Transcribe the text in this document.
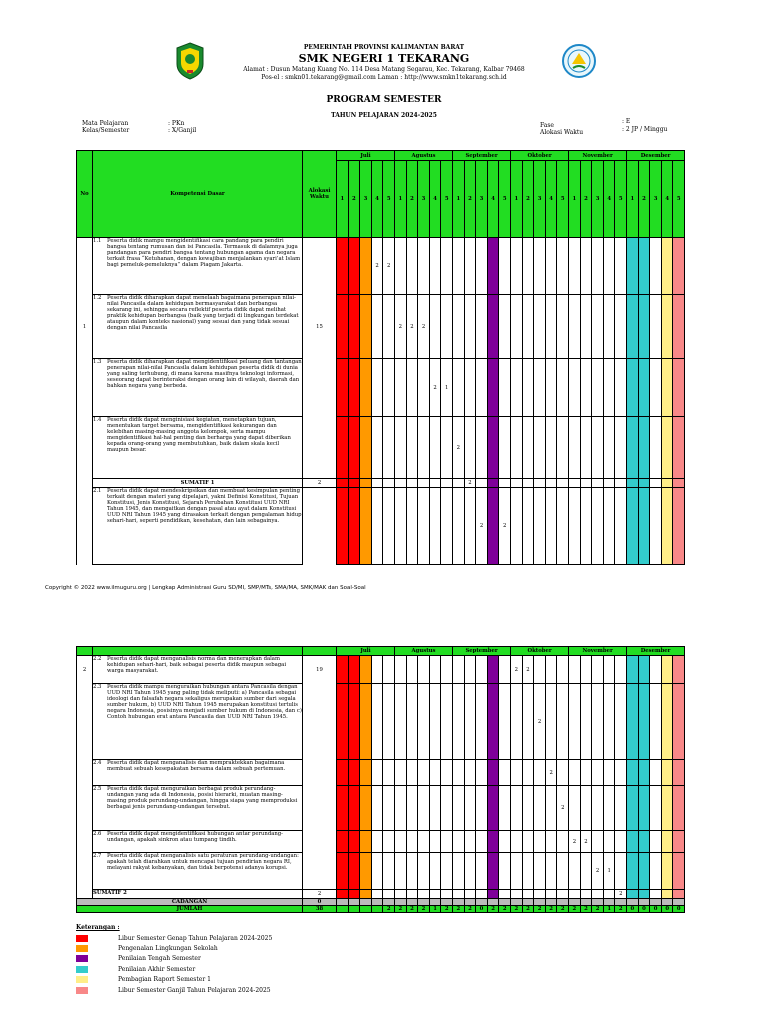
PEMERINTAH PROVINSI KALIMANTAN BARAT
SMK NEGERI 1 TEKARANG
Alamat : Dusun Matang Kuang No. 114 Desa Matang Segarau, Kec. Tekarang, Kalbar 79468
Pos-el : smkn01.tekarang@gmail.com Laman : http://www.smkn1tekarang.sch.id
PROGRAM SEMESTER
TAHUN PELAJARAN 2024-2025
Mata Pelajaran	: PKn
Kelas/Semester	: X/Ganjil
Fase
: E
Alokasi Waktu	: 2 JP / Minggu
No	Kompetensi Dasar	Alokasi Waktu	Juli					Agustus					September					Oktober					November					Desember				
			1	2	3	4	5	1	2	3	4	5	1	2	3	4	5	1	2	3	4	5	1	2	3	4	5	1	2	3	4	5

	1.1 Peserta didik mampu mengidentifikasi cara pandang para pendiri bangsa tentang rumusan dan isi Pancasila. Termasuk di dalamnya juga pandangan para pendiri bangsa tentang hubungan agama dan negara terkait frasa “Ketuhanan, dengan kewajiban menjalankan syari’at Islam bagi pemeluk-pemeluknya” dalam Piagam Jakarta.					2	2																									
1	1.2 Peserta didik diharapkan dapat menelaah bagaimana penerapan nilai-nilai Pancasila dalam kehidupan bermasyarakat dan berbangsa sekarang ini, sehingga secara reflektif peserta didik dapat melihat praktik kehidupan berbangsa (baik yang terjadi di lingkungan terdekat ataupun dalam konteks nasional) yang sesuai dan yang tidak sesuai dengan nilai Pancasila	15						2	2	2																						

	1.3 Peserta didik diharapkan dapat mengidentifikasi peluang dan tantangan penerapan nilai-nilai Pancasila dalam kehidupan peserta didik di dunia yang saling terhubung, di mana karena masifnya teknologi informasi, seseorang dapat berinteraksi dengan orang lain di wilayah, daerah dan bahkan negara yang berbeda.										2	1																				

	1.4 Peserta didik dapat menginisiasi kegiatan, menetapkan tujuan, menentukan target bersama, mengidentifikasi kekurangan dan kelebihan masing-masing anggota kelompok, serta mampu mengidentifikasi hal-hal penting dan berharga yang dapat diberikan kepada orang-orang yang membutuhkan, baik dalam skala kecil maupun besar.												2																			
	SUMATIF 1	2												2																		

	2.1 Peserta didik dapat mendeskripsikan dan membuat kesimpulan penting terkait dengan materi yang dipelajari, yakni Definisi Konstitusi, Tujuan Konstitusi, Jenis Konstitusi, Sejarah Perubahan Konstitusi UUD NRI Tahun 1945, dan mengaitkan dengan pasal atau ayat dalam Konstitusi UUD NRI Tahun 1945 yang dirasakan terkait dengan pengalaman hidup sehari-hari, seperti pendidikan, kesehatan, dan lain sebagainya.														2		2															
Copyright © 2022 www.ilmuguru.org | Lengkap Administrasi Guru SD/MI, SMP/MTs, SMA/MA, SMK/MAK dan Soal-Soal
			Juli					Agustus					September					Oktober					November					Desember				
2	2.2 Peserta didik dapat menganalisis norma dan menerapkan dalam kehidupan sehari-hari, baik sebagai peserta didik maupun sebagai warga masyarakat.	19																2	2													

	2.3 Peserta didik mampu menguraikan hubungan antara Pancasila dengan UUD NRI Tahun 1945 yang paling tidak meliputi: a) Pancasila sebagai ideologi dan falsafah negara sekaligus merupakan sumber dari segala sumber hukum, b) UUD NRI Tahun 1945 merupakan konstitusi tertulis negara Indonesia, posisinya menjadi sumber hukum di Indonesia, dan c) Contoh hubungan erat antara Pancasila dan UUD NRI Tahun 1945.																			2												

	2.4 Peserta didik dapat menganalisis dan mempraktekkan bagaimana membuat sebuah kesepakatan bersama dalam sebuah pertemuan.																				2											

	2.5 Peserta didik dapat menguraikan berbagai produk perundang-undangan yang ada di Indonesia, posisi hierarki, muatan masing-masing produk perundang-undangan, hingga siapa yang memproduksi berbagai jenis perundang-undangan tersebut.																					2										

	2.6 Peserta didik dapat mengidentifikasi hubungan antar perundang-undangan, apakah sinkron atau tumpang tindih.																						2	2								

	2.7 Peserta didik dapat menganalisis satu peraturan perundang-undangan: apakah telah diarahkan untuk mencapai tujuan pendirian negara RI, melayani rakyat kebanyakan, dan tidak berpotensi adanya korupsi.																								2	1						
	SUMATIF 2	2																									2					
CADANGAN		0																														
JUMLAH		38					2	2	2	2	1	2	2	2	0	2	2	2	2	2	2	2	2	2	2	1	2	0	0	0	0	0
Keterangan :
Libur Semester Genap Tahun Pelajaran 2024-2025
Pengenalan Lingkungan Sekolah
Penilaian Tengah Semester
Penilaian Akhir Semester
Pembagian Raport Semester 1
Libur Semester Ganjil Tahun Pelajaran 2024-2025
